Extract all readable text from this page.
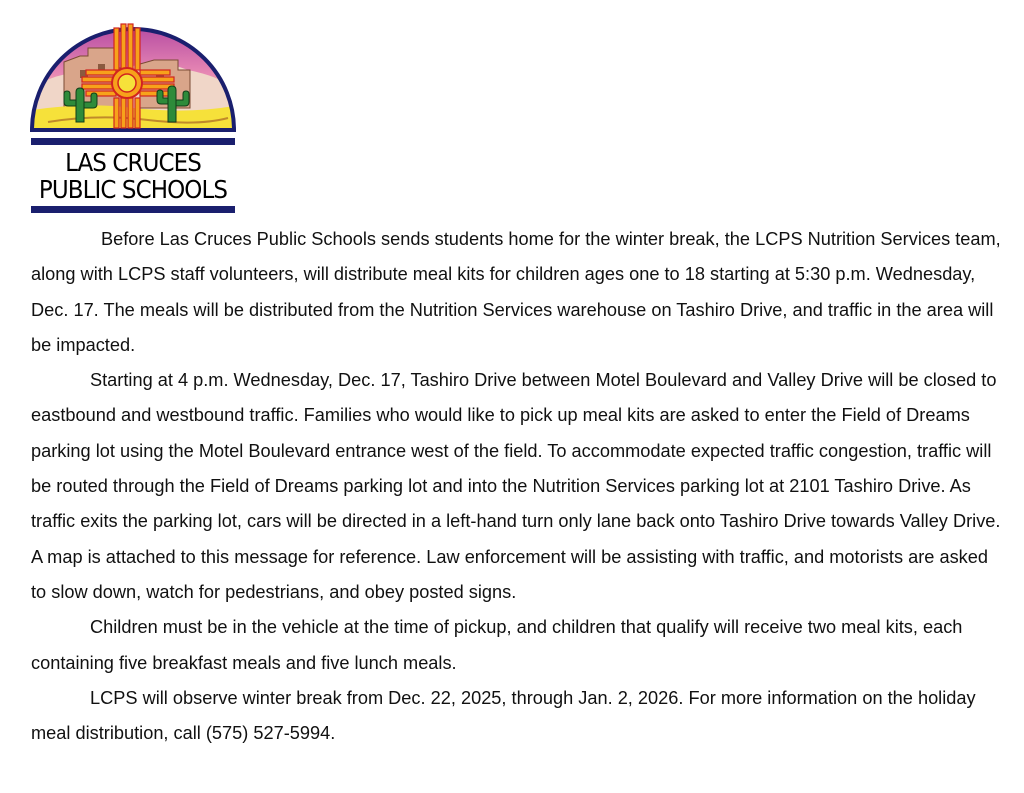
LAS CRUCES
PUBLIC SCHOOLS

Before Las Cruces Public Schools sends students home for the winter break, the LCPS Nutrition Services team, along with LCPS staff volunteers, will distribute meal kits for children ages one to 18 starting at 5:30 p.m. Wednesday, Dec. 17. The meals will be distributed from the Nutrition Services warehouse on Tashiro Drive, and traffic in the area will be impacted.

Starting at 4 p.m. Wednesday, Dec. 17, Tashiro Drive between Motel Boulevard and Valley Drive will be closed to eastbound and westbound traffic. Families who would like to pick up meal kits are asked to enter the Field of Dreams parking lot using the Motel Boulevard entrance west of the field. To accommodate expected traffic congestion, traffic will be routed through the Field of Dreams parking lot and into the Nutrition Services parking lot at 2101 Tashiro Drive. As traffic exits the parking lot, cars will be directed in a left-hand turn only lane back onto Tashiro Drive towards Valley Drive. A map is attached to this message for reference. Law enforcement will be assisting with traffic, and motorists are asked to slow down, watch for pedestrians, and obey posted signs.

Children must be in the vehicle at the time of pickup, and children that qualify will receive two meal kits, each containing five breakfast meals and five lunch meals.

LCPS will observe winter break from Dec. 22, 2025, through Jan. 2, 2026. For more information on the holiday meal distribution, call (575) 527-5994.
